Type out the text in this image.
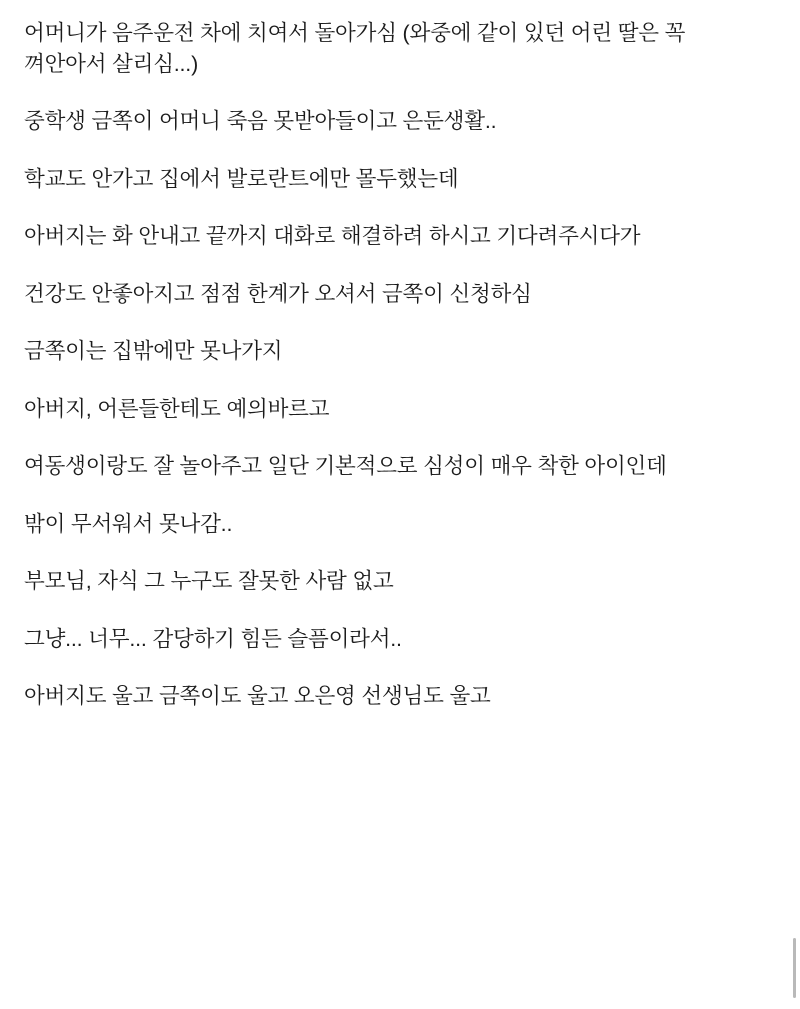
어머니가 음주운전 차에 치여서 돌아가심 (와중에 같이 있던 어린 딸은 꼭 껴안아서 살리심...)

중학생 금쪽이 어머니 죽음 못받아들이고 은둔생활..

학교도 안가고 집에서 발로란트에만 몰두했는데

아버지는 화 안내고 끝까지 대화로 해결하려 하시고 기다려주시다가

건강도 안좋아지고 점점 한계가 오셔서 금쪽이 신청하심

금쪽이는 집밖에만 못나가지

아버지, 어른들한테도 예의바르고

여동생이랑도 잘 놀아주고 일단 기본적으로 심성이 매우 착한 아이인데

밖이 무서워서 못나감..

부모님, 자식 그 누구도 잘못한 사람 없고

그냥... 너무... 감당하기 힘든 슬픔이라서..

아버지도 울고 금쪽이도 울고 오은영 선생님도 울고
